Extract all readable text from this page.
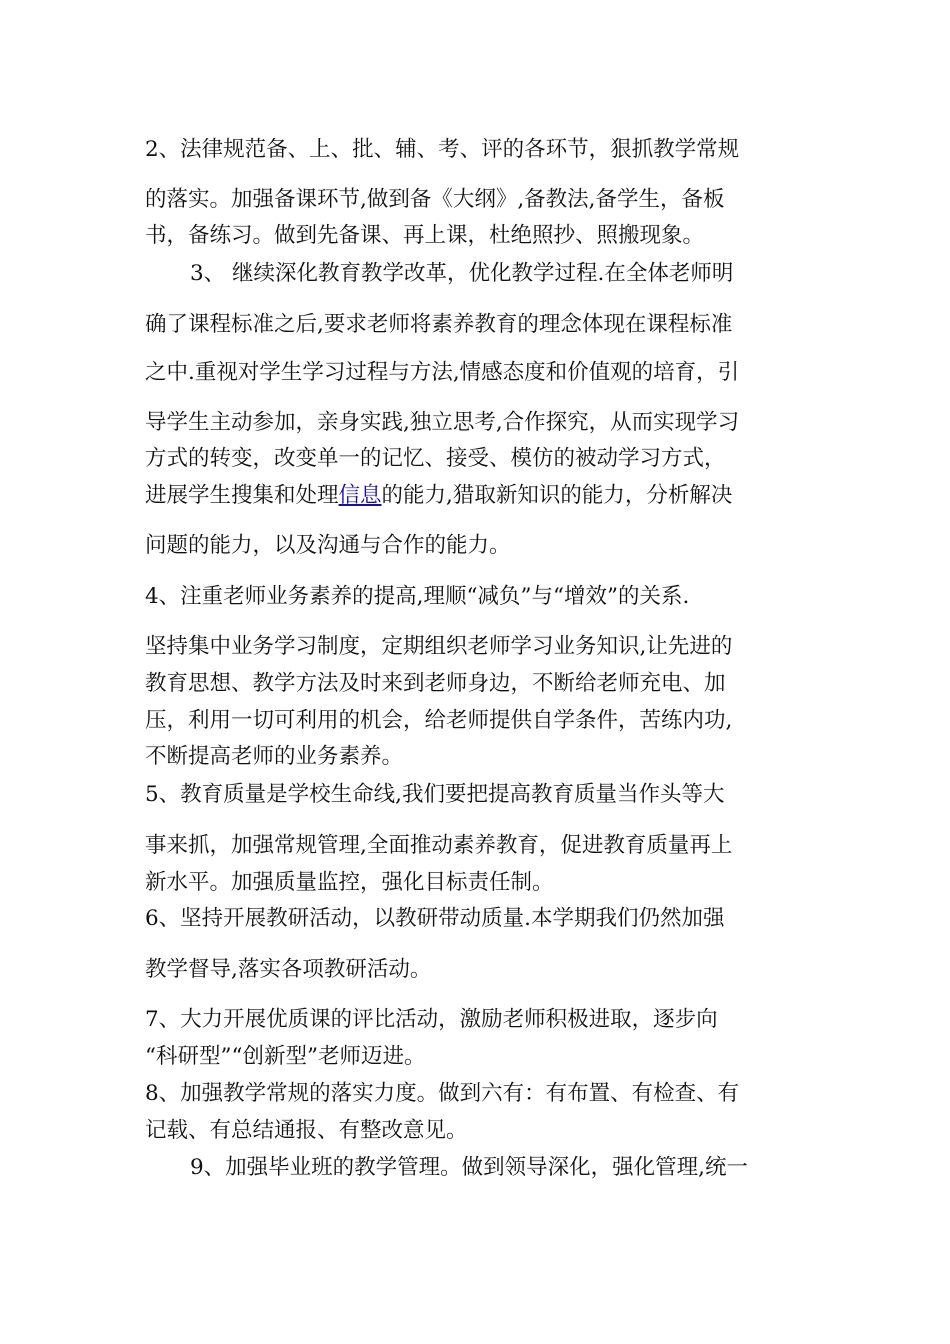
2、法律规范备、上、批、辅、考、评的各环节，狠抓教学常规
的落实。加强备课环节,做到备《大纲》,备教法,备学生，备板
书，备练习。做到先备课、再上课，杜绝照抄、照搬现象。
3、 继续深化教育教学改革，优化教学过程.在全体老师明
确了课程标准之后,要求老师将素养教育的理念体现在课程标准
之中.重视对学生学习过程与方法,情感态度和价值观的培育，引
导学生主动参加，亲身实践,独立思考,合作探究，从而实现学习
方式的转变，改变单一的记忆、接受、模仿的被动学习方式，
进展学生搜集和处理信息的能力,猎取新知识的能力，分析解决
问题的能力，以及沟通与合作的能力。
4、注重老师业务素养的提高,理顺“减负”与“增效”的关系.
坚持集中业务学习制度，定期组织老师学习业务知识,让先进的
教育思想、教学方法及时来到老师身边，不断给老师充电、加
压，利用一切可利用的机会，给老师提供自学条件，苦练内功,
不断提高老师的业务素养。
5、教育质量是学校生命线,我们要把提高教育质量当作头等大
事来抓，加强常规管理,全面推动素养教育，促进教育质量再上
新水平。加强质量监控，强化目标责任制。
6、坚持开展教研活动，以教研带动质量.本学期我们仍然加强
教学督导,落实各项教研活动。
7、大力开展优质课的评比活动，激励老师积极进取，逐步向
“科研型”“创新型”老师迈进。
8、加强教学常规的落实力度。做到六有：有布置、有检查、有
记载、有总结通报、有整改意见。
9、加强毕业班的教学管理。做到领导深化，强化管理,统一
